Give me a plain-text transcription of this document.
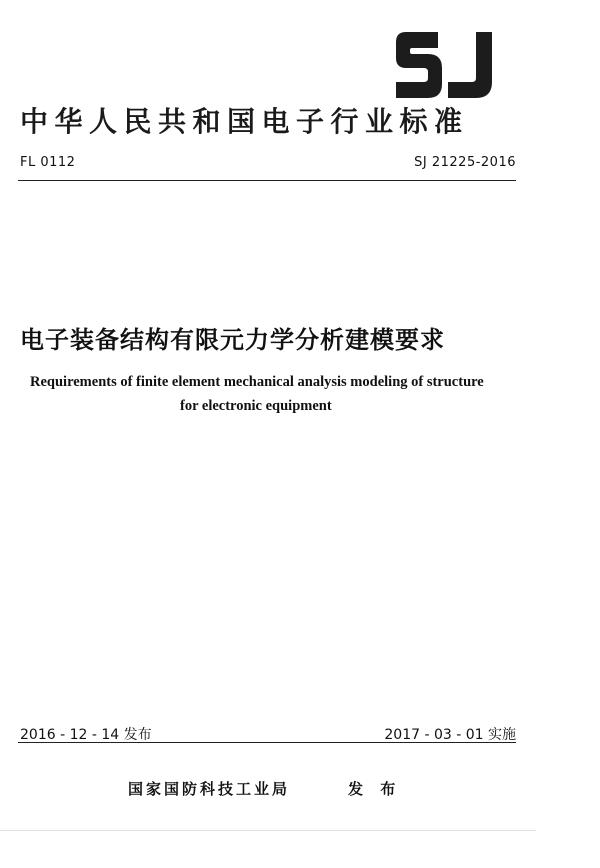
中华人民共和国电子行业标准
FL 0112	SJ 21225-2016
电子装备结构有限元力学分析建模要求
Requirements of finite element mechanical analysis modeling of structure
for electronic equipment
2016 - 12 - 14 发布	2017 - 03 - 01 实施
国家国防科技工业局	发 布
